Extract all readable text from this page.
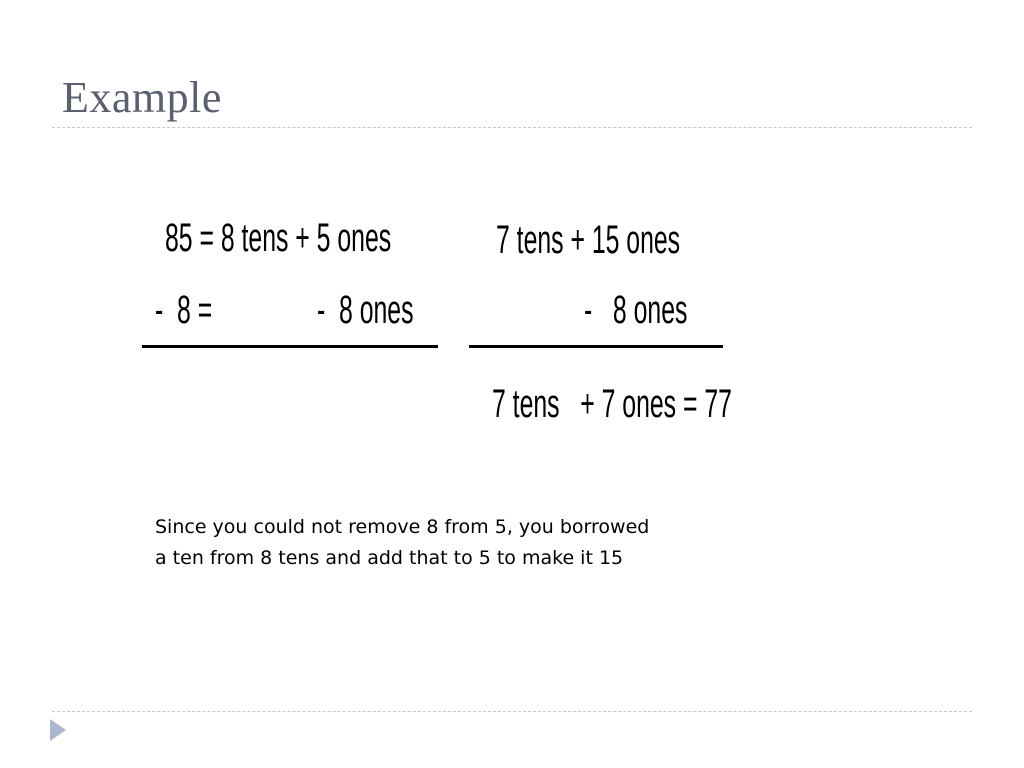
Example
85 = 8 tens + 5 ones
-  8 =	-  8 ones
7 tens + 15 ones
-   8 ones
7 tens   + 7 ones = 77
Since you could not remove 8 from 5, you borrowed a ten from 8 tens and add that to 5 to make it 15
